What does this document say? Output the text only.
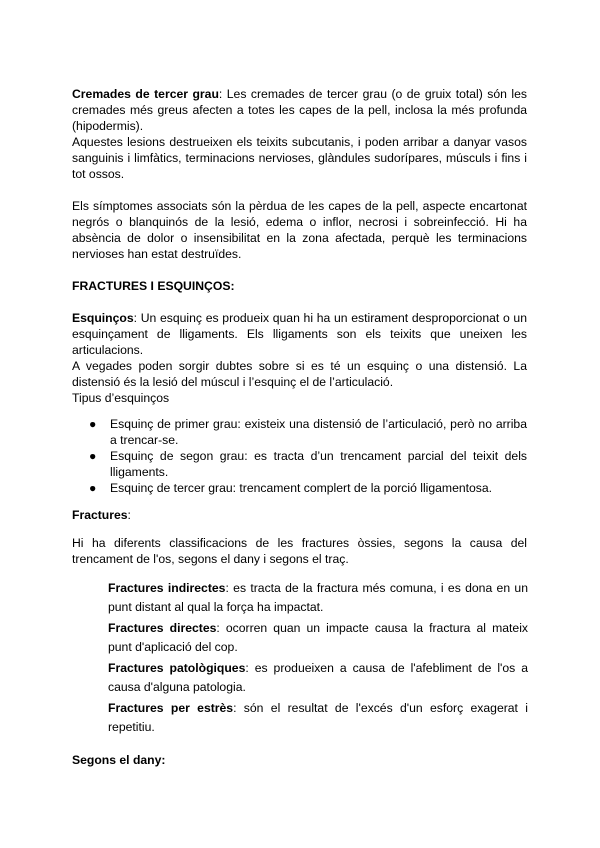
Cremades de tercer grau: Les cremades de tercer grau (o de gruix total) són les cremades més greus afecten a totes les capes de la pell, inclosa la més profunda (hipodermis).

Aquestes lesions destrueixen els teixits subcutanis, i poden arribar a danyar vasos sanguinis i limfàtics, terminacions nervioses, glàndules sudorípares, músculs i fins i tot ossos.

Els símptomes associats són la pèrdua de les capes de la pell, aspecte encartonat negrós o blanquinós de la lesió, edema o inflor, necrosi i sobreinfecció. Hi ha absència de dolor o insensibilitat en la zona afectada, perquè les terminacions nervioses han estat destruïdes.

FRACTURES I ESQUINÇOS:

Esquinços: Un esquinç es produeix quan hi ha un estirament desproporcionat o un esquinçament de lligaments. Els lligaments son els teixits que uneixen les articulacions.

A vegades poden sorgir dubtes sobre si es té un esquinç o una distensió. La distensió és la lesió del múscul i l’esquinç el de l’articulació.

Tipus d’esquinços

● Esquinç de primer grau: existeix una distensió de l’articulació, però no arriba a trencar-se.
● Esquinç de segon grau: es tracta d’un trencament parcial del teixit dels lligaments.
● Esquinç de tercer grau: trencament complert de la porció lligamentosa.

Fractures:

Hi ha diferents classificacions de les fractures òssies, segons la causa del trencament de l'os, segons el dany i segons el traç.

Fractures indirectes: es tracta de la fractura més comuna, i es dona en un punt distant al qual la força ha impactat.

Fractures directes: ocorren quan un impacte causa la fractura al mateix punt d'aplicació del cop.

Fractures patològiques: es produeixen a causa de l'afebliment de l'os a causa d'alguna patologia.

Fractures per estrès: són el resultat de l'excés d'un esforç exagerat i repetitiu.

Segons el dany:
